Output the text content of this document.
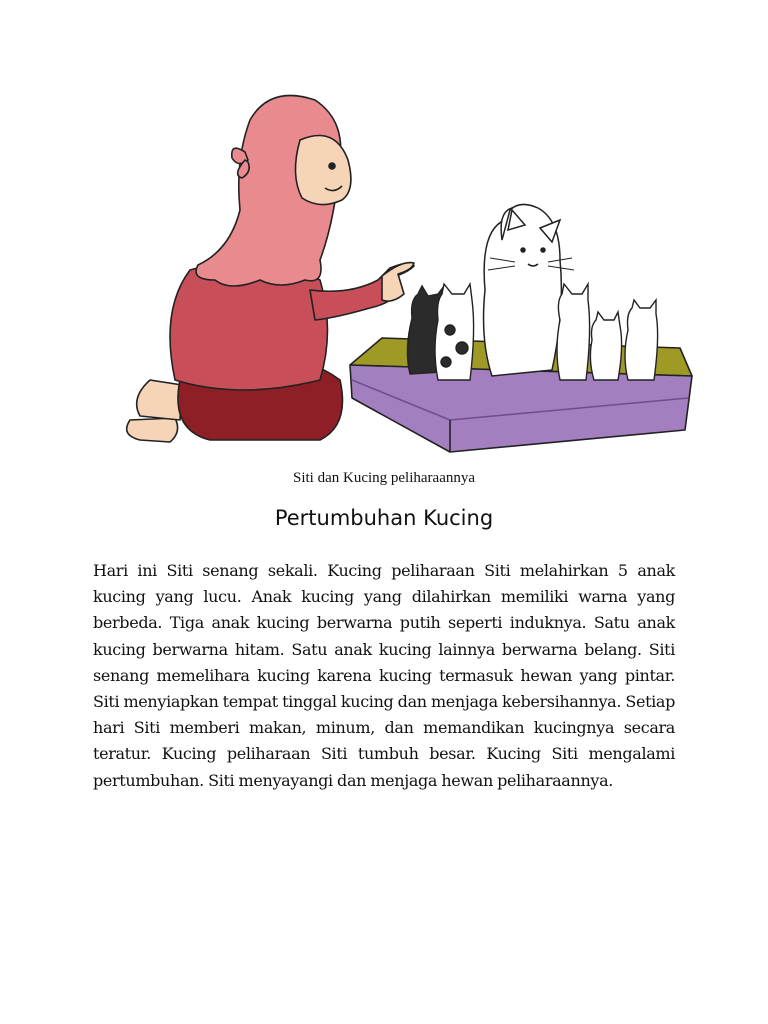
Siti dan Kucing peliharaannya
Pertumbuhan Kucing

Hari ini Siti senang sekali. Kucing peliharaan Siti melahirkan 5 anak kucing yang lucu. Anak kucing yang dilahirkan memiliki warna yang berbeda. Tiga anak kucing berwarna putih seperti induknya. Satu anak kucing berwarna hitam. Satu anak kucing lainnya berwarna belang. Siti senang memelihara kucing karena kucing termasuk hewan yang pintar. Siti menyiapkan tempat tinggal kucing dan menjaga kebersihannya. Setiap hari Siti memberi makan, minum, dan memandikan kucingnya secara teratur. Kucing peliharaan Siti tumbuh besar. Kucing Siti mengalami pertumbuhan. Siti menyayangi dan menjaga hewan peliharaannya.
